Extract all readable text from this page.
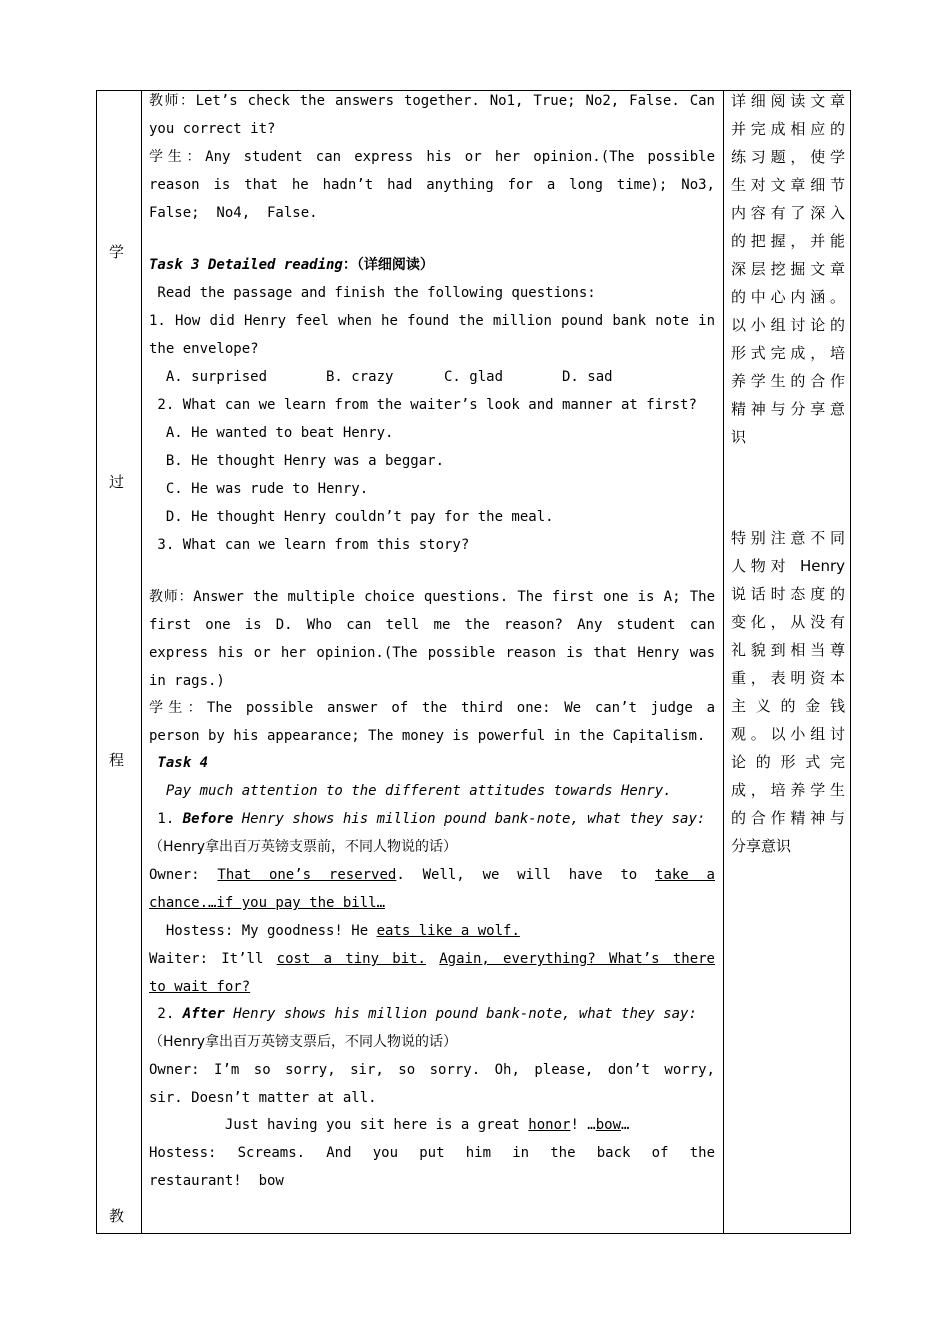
学
过
程
教
教师：Let’s check the answers together. No1, True; No2, False. Can
you correct it?
学生：Any student can express his or her opinion.(The possible
reason is that he hadn’t had anything for a long time); No3,
False;  No4,  False.
Task 3 Detailed reading：（详细阅读）
Read the passage and finish the following questions:
1. How did Henry feel when he found the million pound bank note in
the envelope?
A. surprised       B. crazy      C. glad       D. sad
2. What can we learn from the waiter’s look and manner at first?
A. He wanted to beat Henry.
B. He thought Henry was a beggar.
C. He was rude to Henry.
D. He thought Henry couldn’t pay for the meal.
3. What can we learn from this story?
教师：Answer the multiple choice questions. The first one is A; The
first one is D. Who can tell me the reason? Any student can
express his or her opinion.(The possible reason is that Henry was
in rags.)
学生：The possible answer of the third one: We can’t judge a
person by his appearance; The money is powerful in the Capitalism.
Task 4
Pay much attention to the different attitudes towards Henry.
1. Before Henry shows his million pound bank-note, what they say:
（Henry拿出百万英镑支票前，不同人物说的话）
Owner: That one’s reserved. Well, we will have to take a
chance.…if you pay the bill…
Hostess: My goodness! He eats like a wolf.
Waiter: It’ll cost a tiny bit. Again, everything? What’s there
to wait for?
2. After Henry shows his million pound bank-note, what they say:
（Henry拿出百万英镑支票后，不同人物说的话）
Owner: I’m so sorry, sir, so sorry. Oh, please, don’t worry,
sir. Doesn’t matter at all.
Just having you sit here is a great honor! …bow…
Hostess: Screams. And you put him in the back of the
restaurant!  bow
详细阅读文章
并完成相应的
练习题，使学
生对文章细节
内容有了深入
的把握，并能
深层挖掘文章
的中心内涵。
以小组讨论的
形式完成，培
养学生的合作
精神与分享意
识
特别注意不同
人物对 Henry
说话时态度的
变化，从没有
礼貌到相当尊
重，表明资本
主义的金钱
观。以小组讨
论的形式完
成，培养学生
的合作精神与
分享意识
